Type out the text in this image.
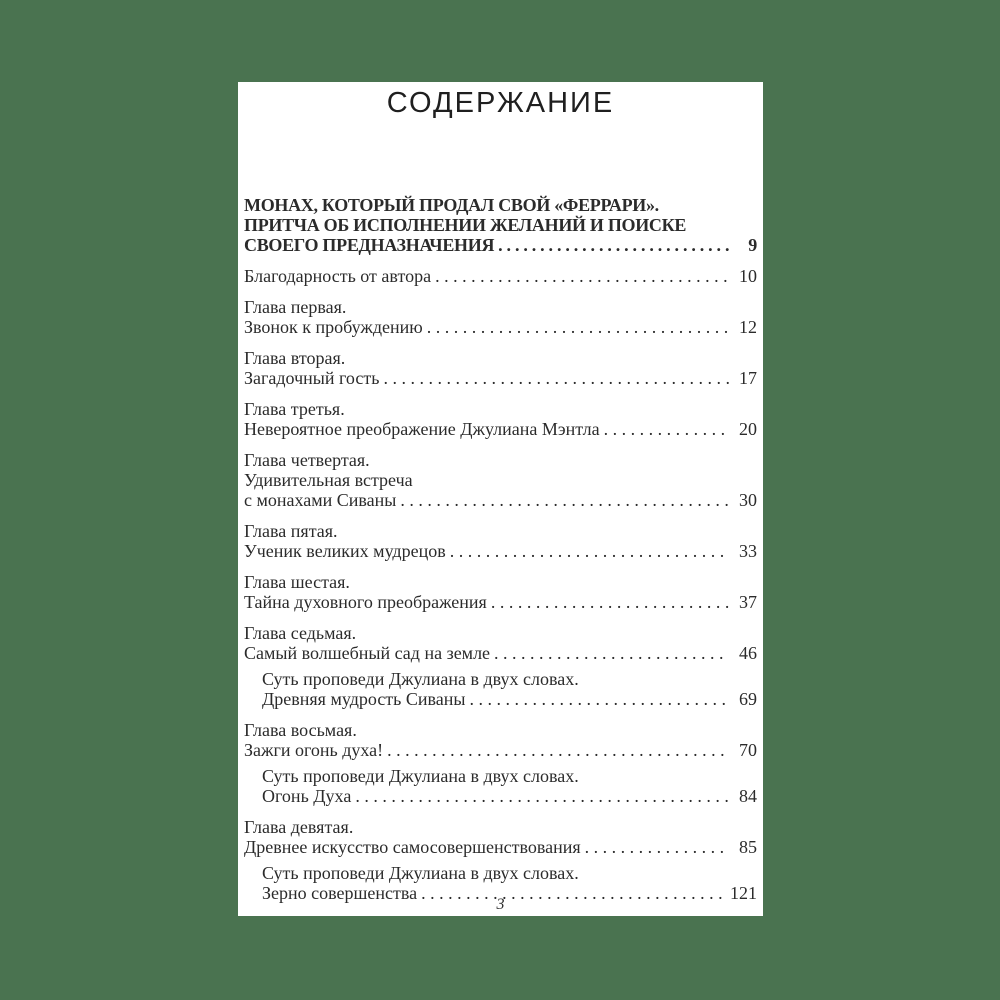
СОДЕРЖАНИЕ
МОНАХ, КОТОРЫЙ ПРОДАЛ СВОЙ «ФЕРРАРИ».
ПРИТЧА ОБ ИСПОЛНЕНИИ ЖЕЛАНИЙ И ПОИСКЕ
СВОЕГО ПРЕДНАЗНАЧЕНИЯ . . .	9
Благодарность от автора . . .	10
Глава первая.
Звонок к пробуждению . . .	12
Глава вторая.
Загадочный гость . . .	17
Глава третья.
Невероятное преображение Джулиана Мэнтла . . .	20
Глава четвертая.
Удивительная встреча
с монахами Сиваны . . .	30
Глава пятая.
Ученик великих мудрецов . . .	33
Глава шестая.
Тайна духовного преображения . . .	37
Глава седьмая.
Самый волшебный сад на земле . . .	46
Суть проповеди Джулиана в двух словах.
Древняя мудрость Сиваны . . .	69
Глава восьмая.
Зажги огонь духа! . . .	70
Суть проповеди Джулиана в двух словах.
Огонь Духа . . .	84
Глава девятая.
Древнее искусство самосовершенствования . . .	85
Суть проповеди Джулиана в двух словах.
Зерно совершенства . . .	121
3
